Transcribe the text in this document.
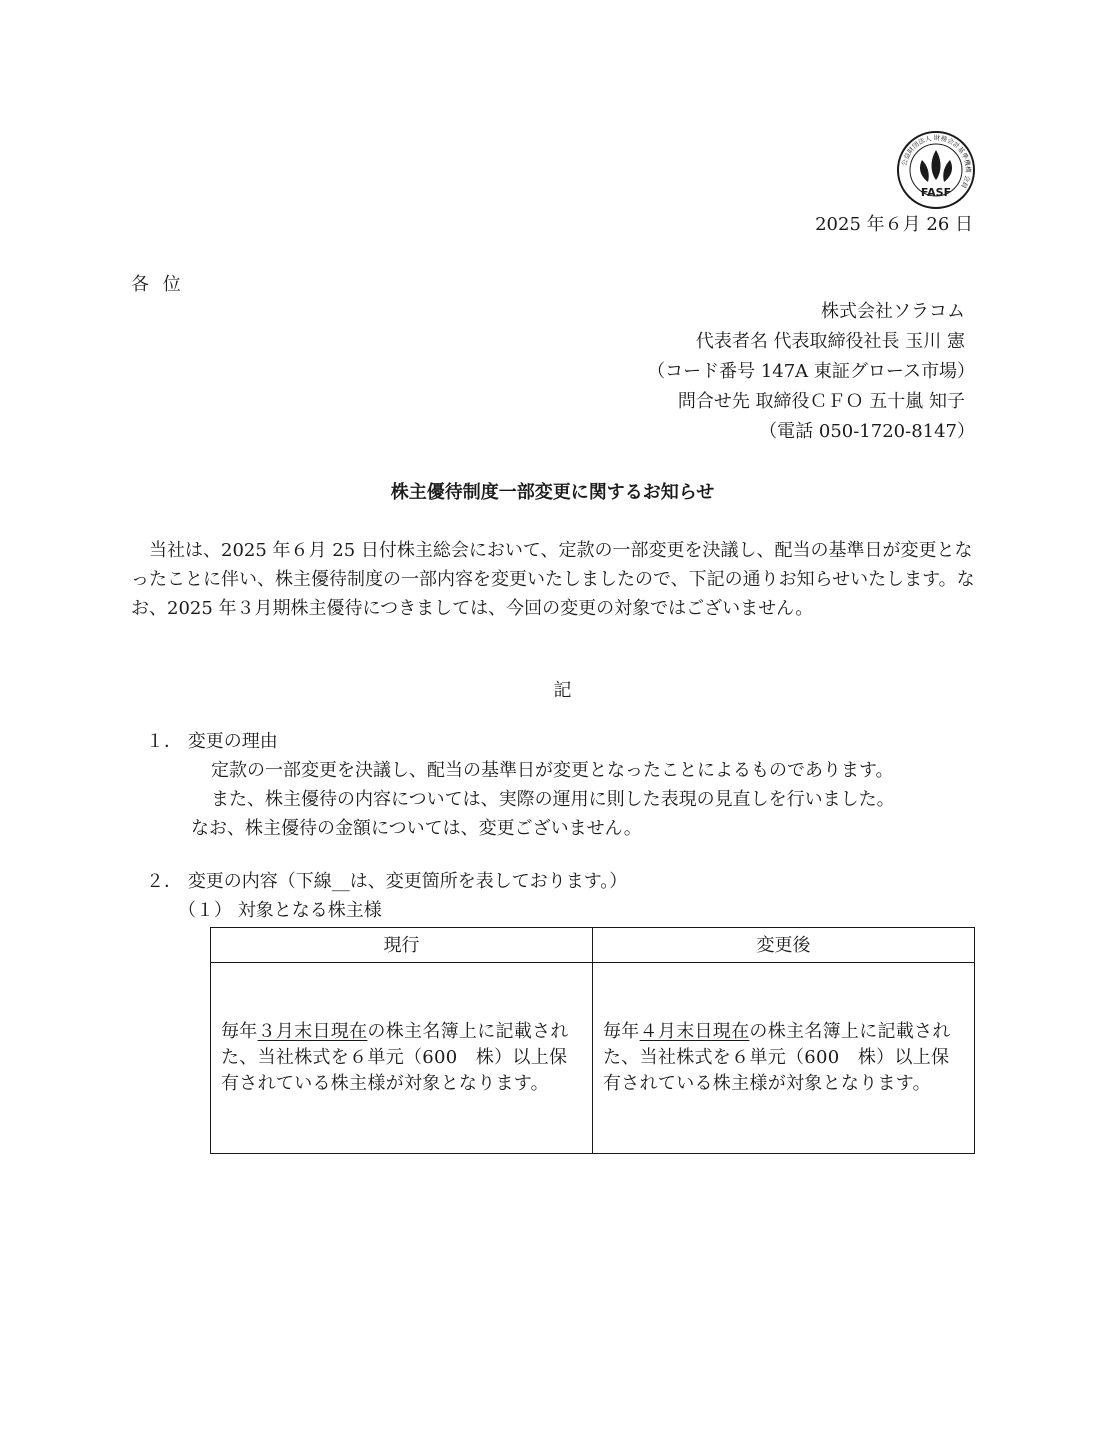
公益財団法人 財務会計基準機構 会員
FASF
2025 年６月 26 日
各 位
株式会社ソラコム
代表者名 代表取締役社長 玉川 憲
（コード番号 147A 東証グロース市場）
問合せ先 取締役ＣＦＯ 五十嵐 知子
（電話 050-1720-8147）
株主優待制度一部変更に関するお知らせ

当社は、2025 年６月 25 日付株主総会において、定款の一部変更を決議し、配当の基準日が変更となったことに伴い、株主優待制度の一部内容を変更いたしましたので、下記の通りお知らせいたします。なお、2025 年３月期株主優待につきましては、今回の変更の対象ではございません。

記
１． 変更の理由
定款の一部変更を決議し、配当の基準日が変更となったことによるものであります。
また、株主優待の内容については、実際の運用に則した表現の見直しを行いました。
なお、株主優待の金額については、変更ございません。
２． 変更の内容（下線__は、変更箇所を表しております。）
（１） 対象となる株主様
現行	変更後
毎年３月末日現在の株主名簿上に記載された、当社株式を６単元（600　株）以上保有されている株主様が対象となります。	毎年４月末日現在の株主名簿上に記載された、当社株式を６単元（600　株）以上保有されている株主様が対象となります。
